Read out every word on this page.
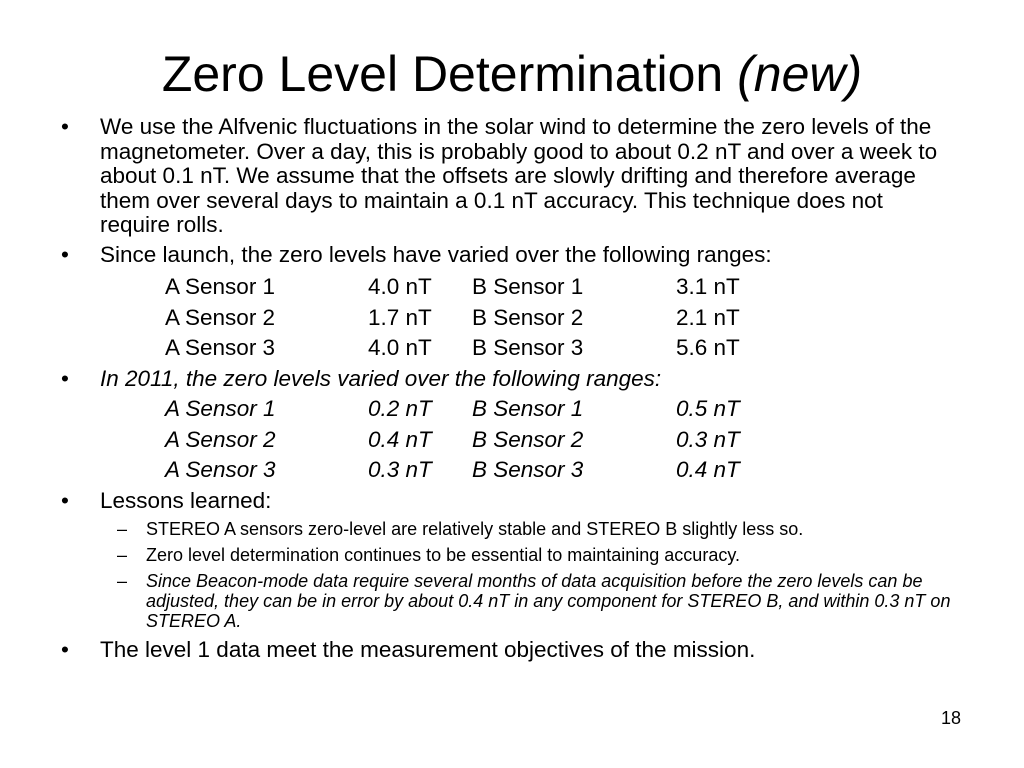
Zero Level Determination (new)
• We use the Alfvenic fluctuations in the solar wind to determine the zero levels of the magnetometer. Over a day, this is probably good to about 0.2 nT and over a week to about 0.1 nT. We assume that the offsets are slowly drifting and therefore average them over several days to maintain a 0.1 nT accuracy. This technique does not require rolls.
• Since launch, the zero levels have varied over the following ranges:
A Sensor 1	4.0 nT B Sensor 1	3.1 nT
A Sensor 2	1.7 nT B Sensor 2	2.1 nT
A Sensor 3	4.0 nT B Sensor 3	5.6 nT
• In 2011, the zero levels varied over the following ranges:
A Sensor 1	0.2 nT B Sensor 1	0.5 nT
A Sensor 2	0.4 nT B Sensor 2	0.3 nT
A Sensor 3	0.3 nT B Sensor 3	0.4 nT
• Lessons learned:
– STEREO A sensors zero-level are relatively stable and STEREO B slightly less so.
– Zero level determination continues to be essential to maintaining accuracy.
– Since Beacon-mode data require several months of data acquisition before the zero levels can be adjusted, they can be in error by about 0.4 nT in any component for STEREO B, and within 0.3 nT on STEREO A.
• The level 1 data meet the measurement objectives of the mission.
18
